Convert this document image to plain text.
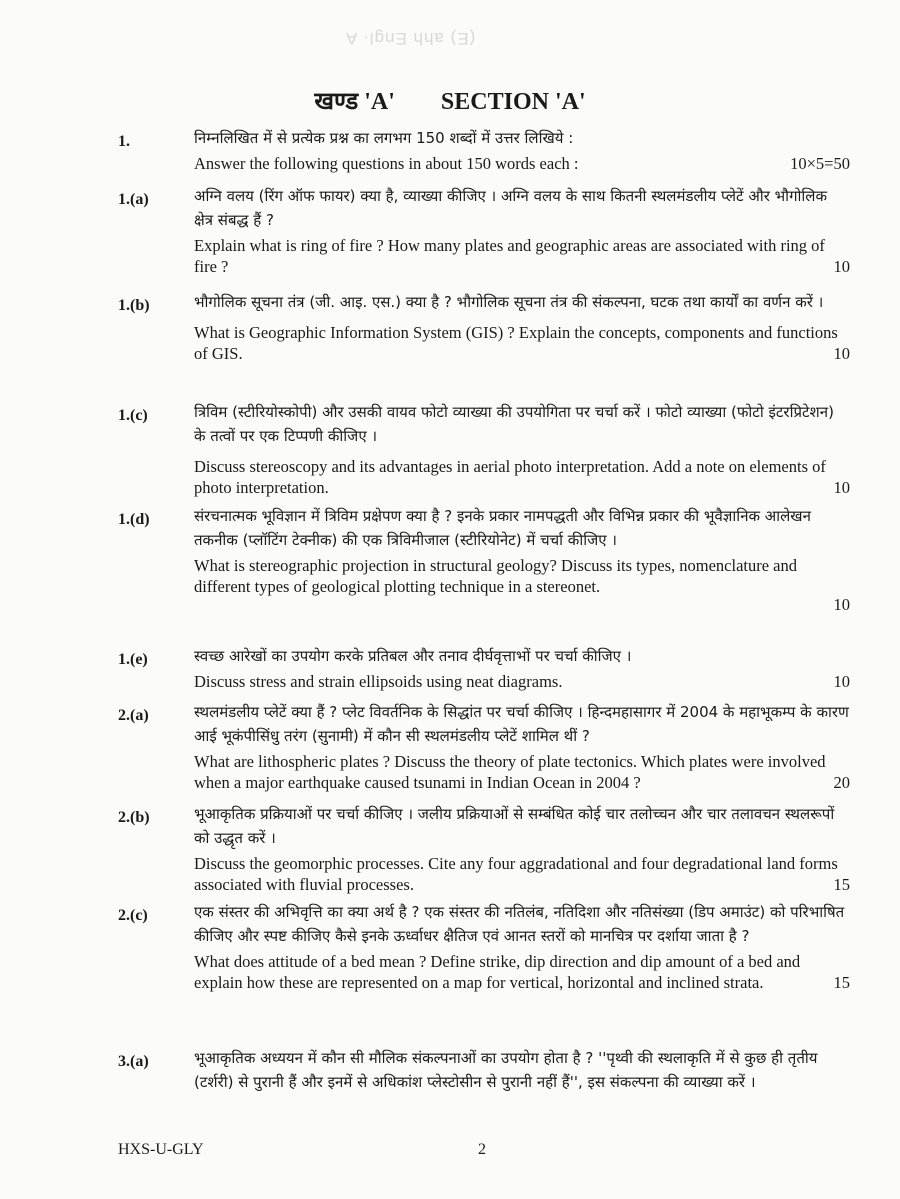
(E) ahh Engl· A
खण्ड 'A' SECTION 'A'
1.	निम्नलिखित में से प्रत्येक प्रश्न का लगभग 150 शब्दों में उत्तर लिखिये :
Answer the following questions in about 150 words each :	10×5=50
1.(a)	अग्नि वलय (रिंग ऑफ फायर) क्या है, व्याख्या कीजिए । अग्नि वलय के साथ कितनी स्थलमंडलीय प्लेटें और भौगोलिक क्षेत्र संबद्ध हैं ?
Explain what is ring of fire ? How many plates and geographic areas are associated with ring of fire ?	10
1.(b)	भौगोलिक सूचना तंत्र (जी. आइ. एस.) क्या है ? भौगोलिक सूचना तंत्र की संकल्पना, घटक तथा कार्यों का वर्णन करें ।
What is Geographic Information System (GIS) ? Explain the concepts, components and functions of GIS.	10
1.(c)	त्रिविम (स्टीरियोस्कोपी) और उसकी वायव फोटो व्याख्या की उपयोगिता पर चर्चा करें । फोटो व्याख्या (फोटो इंटरप्रिटेशन) के तत्वों पर एक टिप्पणी कीजिए ।
Discuss stereoscopy and its advantages in aerial photo interpretation. Add a note on elements of photo interpretation.	10
1.(d)	संरचनात्मक भूविज्ञान में त्रिविम प्रक्षेपण क्या है ? इनके प्रकार नामपद्धती और विभिन्न प्रकार की भूवैज्ञानिक आलेखन तकनीक (प्लॉटिंग टेक्नीक) की एक त्रिविमीजाल (स्टीरियोनेट) में चर्चा कीजिए ।
What is stereographic projection in structural geology? Discuss its types, nomenclature and different types of geological plotting technique in a stereonet.
10
1.(e)	स्वच्छ आरेखों का उपयोग करके प्रतिबल और तनाव दीर्घवृत्ताभों पर चर्चा कीजिए ।
Discuss stress and strain ellipsoids using neat diagrams.	10
2.(a)	स्थलमंडलीय प्लेटें क्या हैं ? प्लेट विवर्तनिक के सिद्धांत पर चर्चा कीजिए । हिन्दमहासागर में 2004 के महाभूकम्प के कारण आई भूकंपीसिंधु तरंग (सुनामी) में कौन सी स्थलमंडलीय प्लेटें शामिल थीं ?
What are lithospheric plates ? Discuss the theory of plate tectonics. Which plates were involved when a major earthquake caused tsunami in Indian Ocean in 2004 ?	20
2.(b)	भूआकृतिक प्रक्रियाओं पर चर्चा कीजिए । जलीय प्रक्रियाओं से सम्बंधित कोई चार तलोच्चन और चार तलावचन स्थलरूपों को उद्धृत करें ।
Discuss the geomorphic processes. Cite any four aggradational and four degradational land forms associated with fluvial processes.	15
2.(c)	एक संस्तर की अभिवृत्ति का क्या अर्थ है ? एक संस्तर की नतिलंब, नतिदिशा और नतिसंख्या (डिप अमाउंट) को परिभाषित कीजिए और स्पष्ट कीजिए कैसे इनके ऊर्ध्वाधर क्षैतिज एवं आनत स्तरों को मानचित्र पर दर्शाया जाता है ?
What does attitude of a bed mean ? Define strike, dip direction and dip amount of a bed and explain how these are represented on a map for vertical, horizontal and inclined strata.	15
3.(a)	भूआकृतिक अध्ययन में कौन सी मौलिक संकल्पनाओं का उपयोग होता है ? ''पृथ्वी की स्थलाकृति में से कुछ ही तृतीय (टर्शरी) से पुरानी हैं और इनमें से अधिकांश प्लेस्टोसीन से पुरानी नहीं हैं'', इस संकल्पना की व्याख्या करें ।
HXS-U-GLY	2
